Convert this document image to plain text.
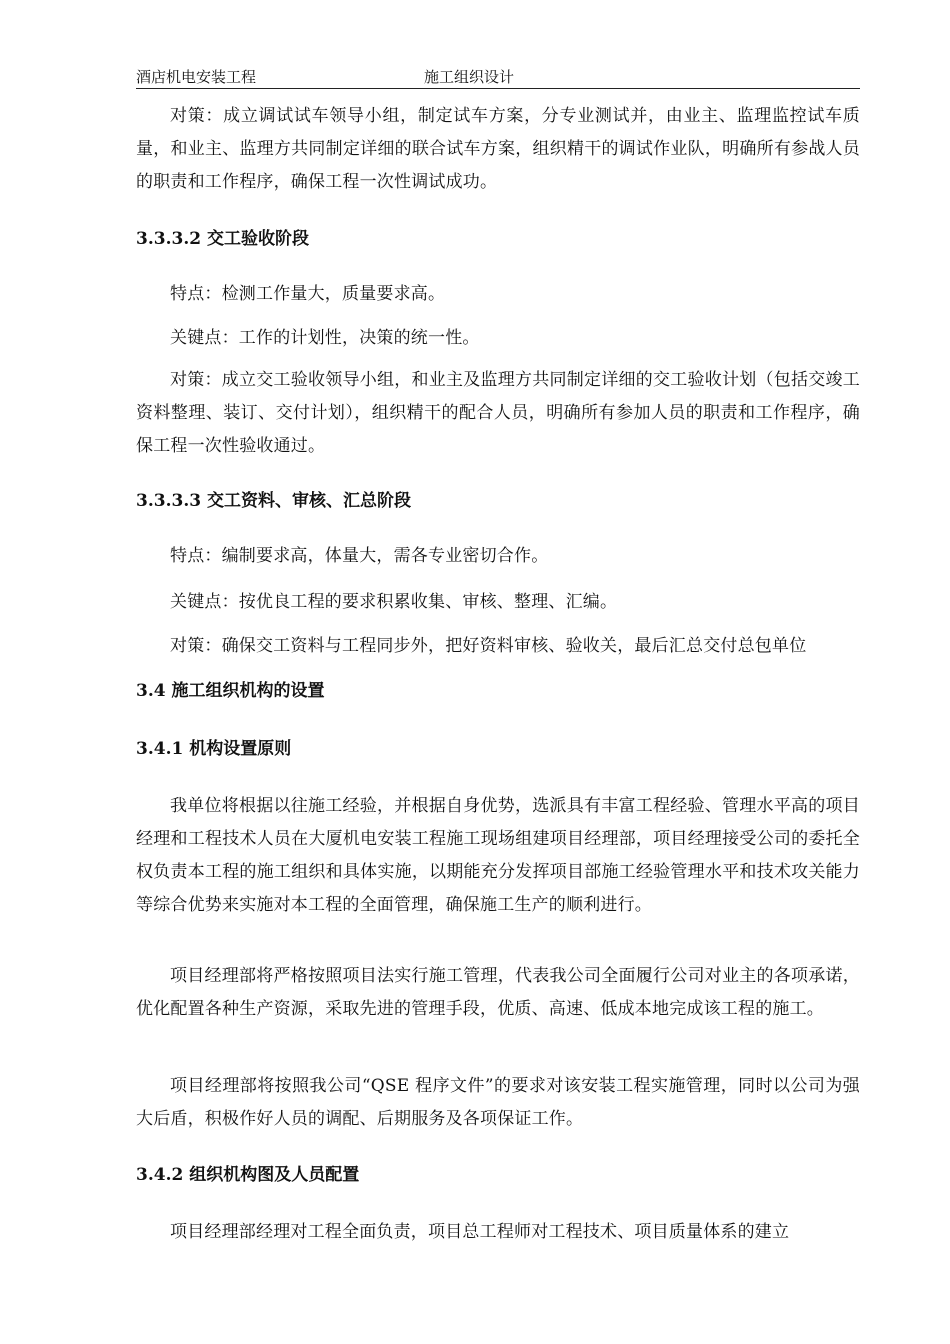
酒店机电安装工程	施工组织设计
对策：成立调试试车领导小组，制定试车方案，分专业测试并，由业主、监理监控试车质量，和业主、监理方共同制定详细的联合试车方案，组织精干的调试作业队，明确所有参战人员的职责和工作程序，确保工程一次性调试成功。
3.3.3.2 交工验收阶段
特点：检测工作量大，质量要求高。
关键点：工作的计划性，决策的统一性。
对策：成立交工验收领导小组，和业主及监理方共同制定详细的交工验收计划（包括交竣工资料整理、装订、交付计划），组织精干的配合人员，明确所有参加人员的职责和工作程序，确保工程一次性验收通过。
3.3.3.3 交工资料、审核、汇总阶段
特点：编制要求高，体量大，需各专业密切合作。
关键点：按优良工程的要求积累收集、审核、整理、汇编。
对策：确保交工资料与工程同步外，把好资料审核、验收关，最后汇总交付总包单位
3.4 施工组织机构的设置
3.4.1 机构设置原则
我单位将根据以往施工经验，并根据自身优势，选派具有丰富工程经验、管理水平高的项目经理和工程技术人员在大厦机电安装工程施工现场组建项目经理部，项目经理接受公司的委托全权负责本工程的施工组织和具体实施，以期能充分发挥项目部施工经验管理水平和技术攻关能力等综合优势来实施对本工程的全面管理，确保施工生产的顺利进行。
项目经理部将严格按照项目法实行施工管理，代表我公司全面履行公司对业主的各项承诺，优化配置各种生产资源，采取先进的管理手段，优质、高速、低成本地完成该工程的施工。
项目经理部将按照我公司“QSE 程序文件”的要求对该安装工程实施管理，同时以公司为强大后盾，积极作好人员的调配、后期服务及各项保证工作。
3.4.2 组织机构图及人员配置
项目经理部经理对工程全面负责，项目总工程师对工程技术、项目质量体系的建立
